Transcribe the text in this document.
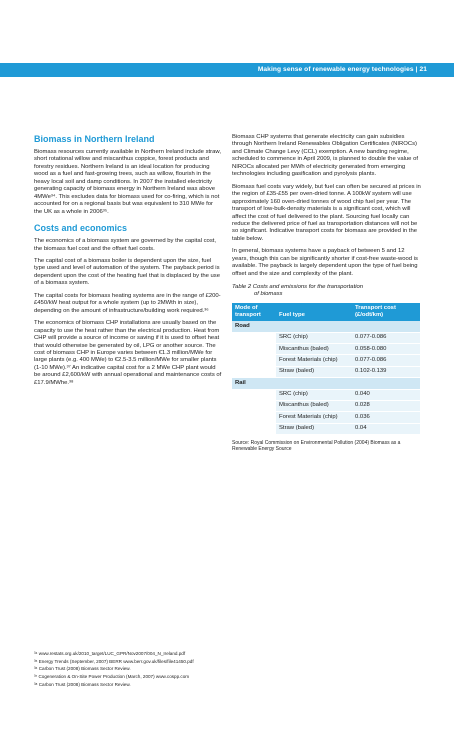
Making sense of renewable energy technologies | 21
Biomass in Northern Ireland

Biomass resources currently available in Northern Ireland include straw, short rotational willow and miscanthus coppice, forest products and forestry residues. Northern Ireland is an ideal location for producing wood as a fuel and fast-growing trees, such as willow, flourish in the heavy local soil and damp conditions. In 2007 the installed electricity generating capacity of biomass energy in Northern Ireland was above 4MWe³⁴. This excludes data for biomass used for co-firing, which is not accounted for on a regional basis but was equivalent to 310 MWe for the UK as a whole in 2006³⁵.

Costs and economics

The economics of a biomass system are governed by the capital cost, the biomass fuel cost and the offset fuel costs.

The capital cost of a biomass boiler is dependent upon the size, fuel type used and level of automation of the system. The payback period is dependent upon the cost of the heating fuel that is displaced by the use of a biomass system.

The capital costs for biomass heating systems are in the range of £200-£450/kW heat output for a whole system (up to 2MWth in size), depending on the amount of infrastructure/building work required.³⁶

The economics of biomass CHP installations are usually based on the capacity to use the heat rather than the electrical production. Heat from CHP will provide a source of income or saving if it is used to offset heat that would otherwise be generated by oil, LPG or another source. The cost of biomass CHP in Europe varies between €1.3 million/MWe for large plants (e.g. 400 MWe) to €2.5-3.5 million/MWe for smaller plants (1-10 MWe).³⁷ An indicative capital cost for a 2 MWe CHP plant would be around £2,600/kW with annual operational and maintenance costs of £17.9/MWhe.³⁸

Biomass CHP systems that generate electricity can gain subsidies through Northern Ireland Renewables Obligation Certificates (NIROCs) and Climate Change Levy (CCL) exemption. A new banding regime, scheduled to commence in April 2009, is planned to double the value of NIROCs allocated per MWh of electricity generated from emerging technologies including gasification and pyrolysis plants.

Biomass fuel costs vary widely, but fuel can often be secured at prices in the region of £35-£55 per oven-dried tonne. A 100kW system will use approximately 160 oven-dried tonnes of wood chip fuel per year. The transport of low-bulk-density materials is a significant cost, which will affect the cost of fuel delivered to the plant. Sourcing fuel locally can reduce the delivered price of fuel as transportation distances will not be so significant. Indicative transport costs for biomass are provided in the table below.

In general, biomass systems have a payback of between 5 and 12 years, though this can be significantly shorter if cost-free waste-wood is available. The payback is largely dependent upon the type of fuel being offset and the size and complexity of the plant.

Table 2 Costs and emissions for the transportation
of biomass
Mode of transport	Fuel type	Transport cost (£/odt/km)
Road		
	SRC (chip)	0.077-0.086
	Miscanthus (baled)	0.058-0.080
	Forest Materials (chip)	0.077-0.086
	Straw (baled)	0.102-0.139
Rail		
	SRC (chip)	0.040
	Miscanthus (baled)	0.028
	Forest Materials (chip)	0.036
	Straw (baled)	0.04
Source: Royal Commission on Environmental Pollution (2004) Biomass as a Renewable Energy Source
³⁴ www.restats.org.uk/2010_target/LUC_GPR/Nov2007/004_N_Ireland.pdf
³⁵ Energy Trends (September, 2007) BERR www.berr.gov.uk/files/file41450.pdf
³⁶ Carbon Trust (2008) Biomass Sector Review.
³⁷ Cogeneration & On-Site Power Production (March, 2007) www.cospp.com
³⁸ Carbon Trust (2008) Biomass Sector Review.
